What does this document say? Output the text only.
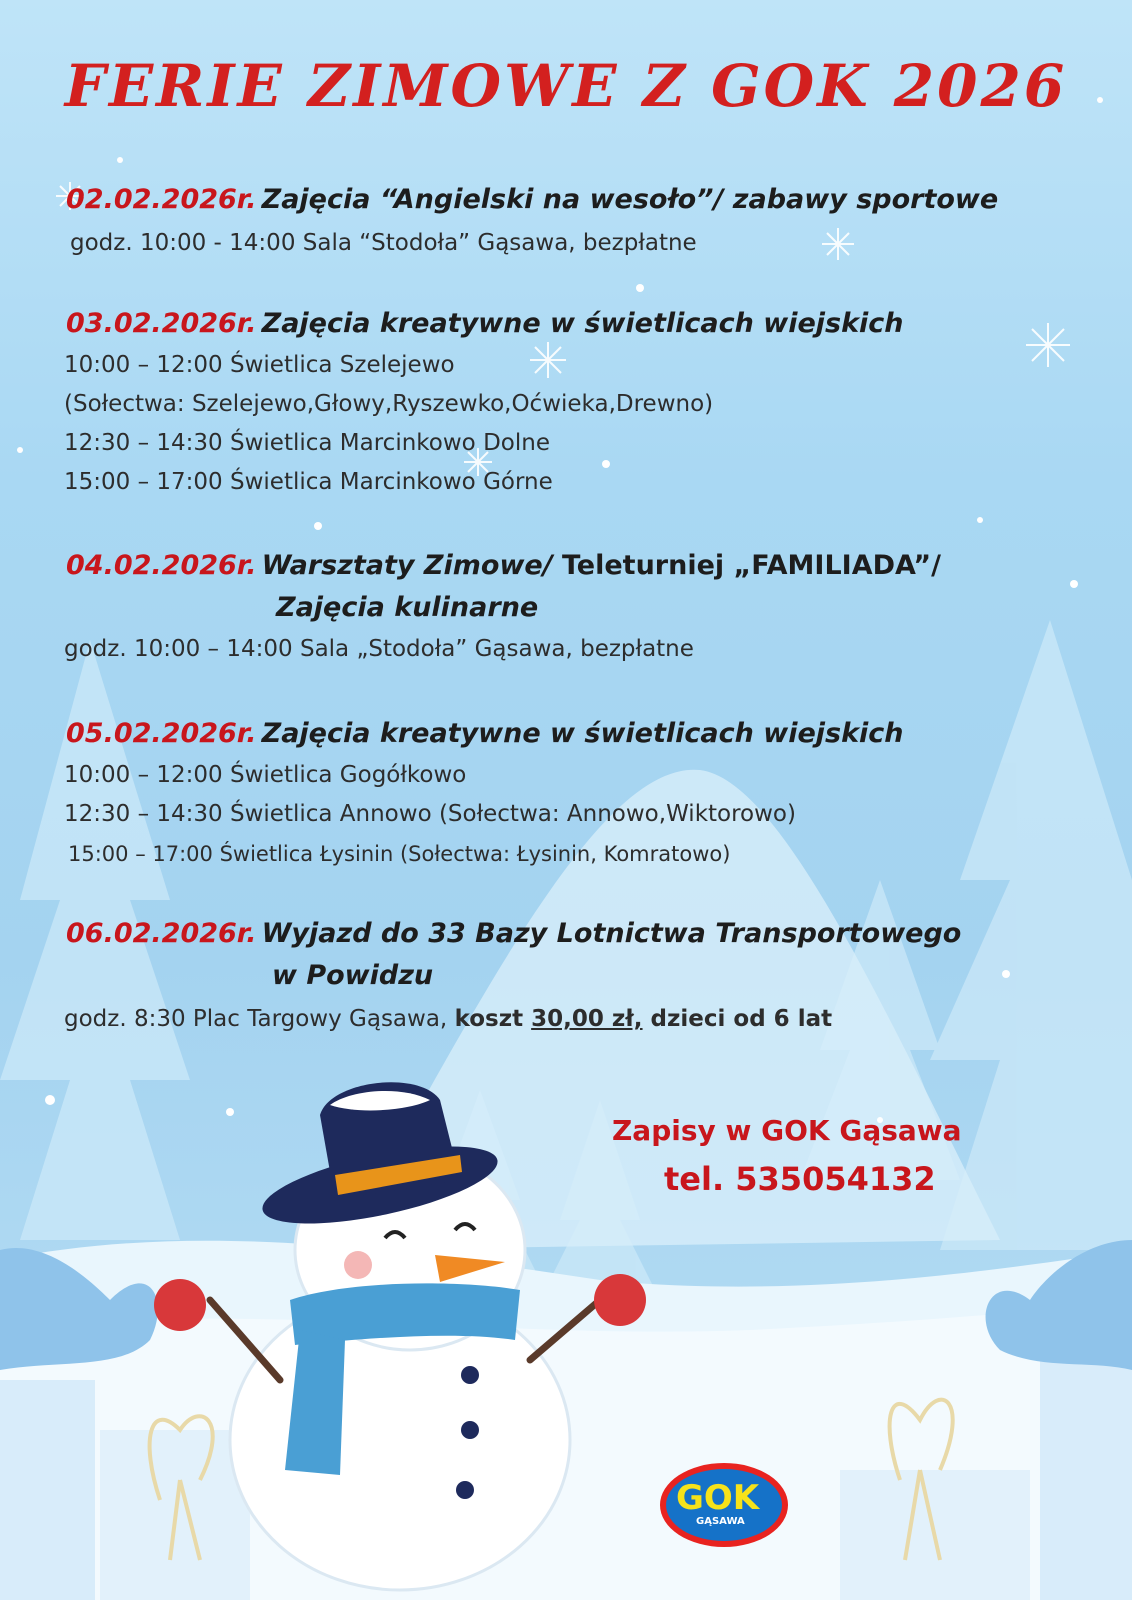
FERIE ZIMOWE Z GOK 2026
02.02.2026r. Zajęcia “Angielski na wesoło”/ zabawy sportowe
godz. 10:00 - 14:00 Sala “Stodoła” Gąsawa, bezpłatne
03.02.2026r. Zajęcia kreatywne w świetlicach wiejskich
10:00 – 12:00 Świetlica Szelejewo
(Sołectwa: Szelejewo,Głowy,Ryszewko,Oćwieka,Drewno)
12:30 – 14:30 Świetlica Marcinkowo Dolne
15:00 – 17:00 Świetlica Marcinkowo Górne
04.02.2026r. Warsztaty Zimowe/ Teleturniej „FAMILIADA”/
Zajęcia kulinarne
godz. 10:00 – 14:00 Sala „Stodoła” Gąsawa, bezpłatne
05.02.2026r. Zajęcia kreatywne w świetlicach wiejskich
10:00 – 12:00 Świetlica Gogółkowo
12:30 – 14:30 Świetlica Annowo (Sołectwa: Annowo,Wiktorowo)
15:00 – 17:00 Świetlica Łysinin (Sołectwa: Łysinin, Komratowo)
06.02.2026r. Wyjazd do 33 Bazy Lotnictwa Transportowego
w Powidzu
godz. 8:30 Plac Targowy Gąsawa, koszt 30,00 zł, dzieci od 6 lat
Zapisy w GOK Gąsawa
tel. 535054132
GOK
GĄSAWA
